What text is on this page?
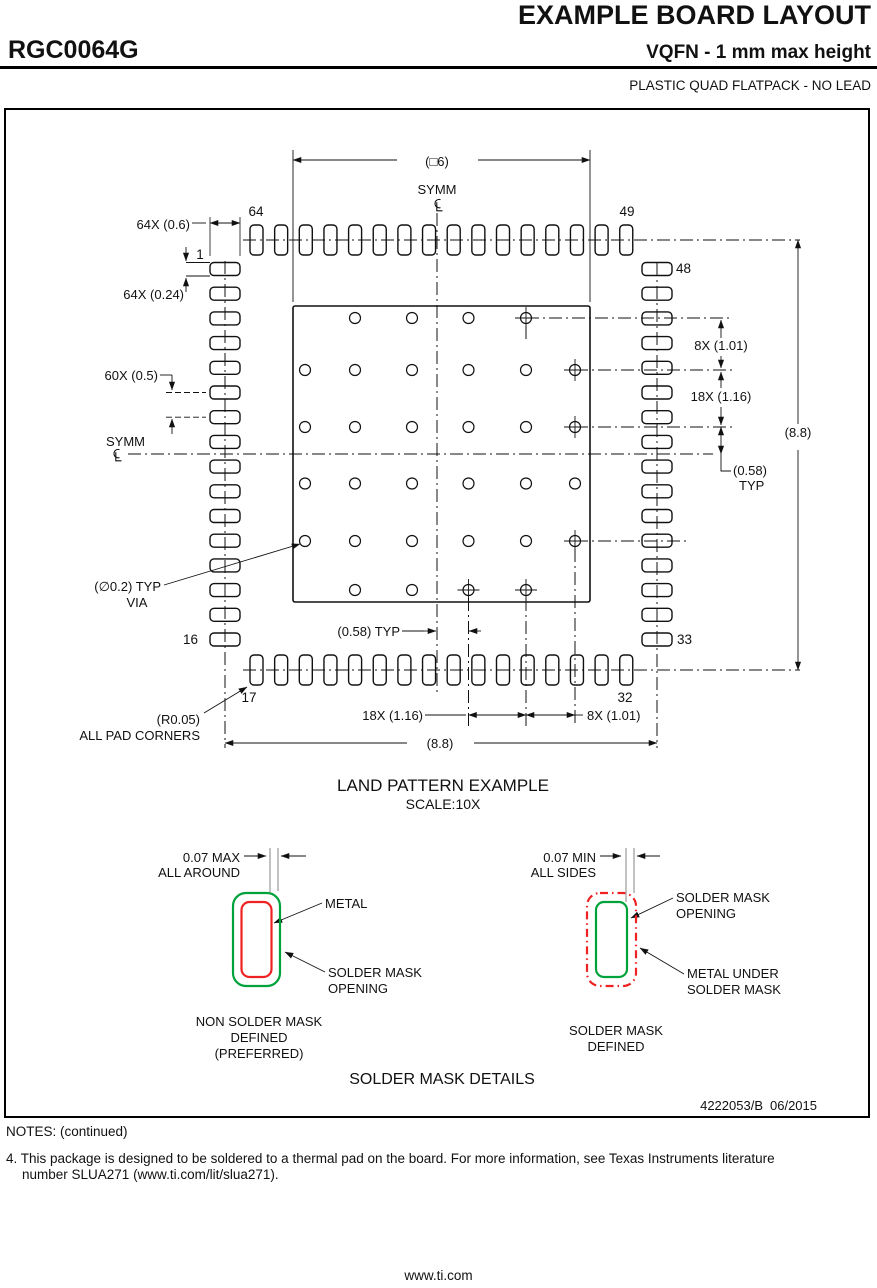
EXAMPLE BOARD LAYOUT
RGC0064G	VQFN - 1 mm max height
PLASTIC QUAD FLATPACK - NO LEAD
(□6)
SYMM
64	49
64X (0.6)
1
64X (0.24)
48
60X (0.5)
SYMM
(∅0.2) TYP
VIA
16	33
17	32
(R0.05)
ALL PAD CORNERS
(0.58) TYP
18X (1.16)	8X (1.01)
(8.8)
8X (1.01)
18X (1.16)
(0.58)
TYP
(8.8)
LAND PATTERN EXAMPLE
SCALE:10X
0.07 MAX
ALL AROUND
METAL
SOLDER MASK
OPENING
NON SOLDER MASK
DEFINED
(PREFERRED)
0.07 MIN
ALL SIDES
SOLDER MASK
OPENING
METAL UNDER
SOLDER MASK
SOLDER MASK
DEFINED
SOLDER MASK DETAILS
4222053/B 06/2015
NOTES: (continued)
4. This package is designed to be soldered to a thermal pad on the board. For more information, see Texas Instruments literature
number SLUA271 (www.ti.com/lit/slua271).
www.ti.com
